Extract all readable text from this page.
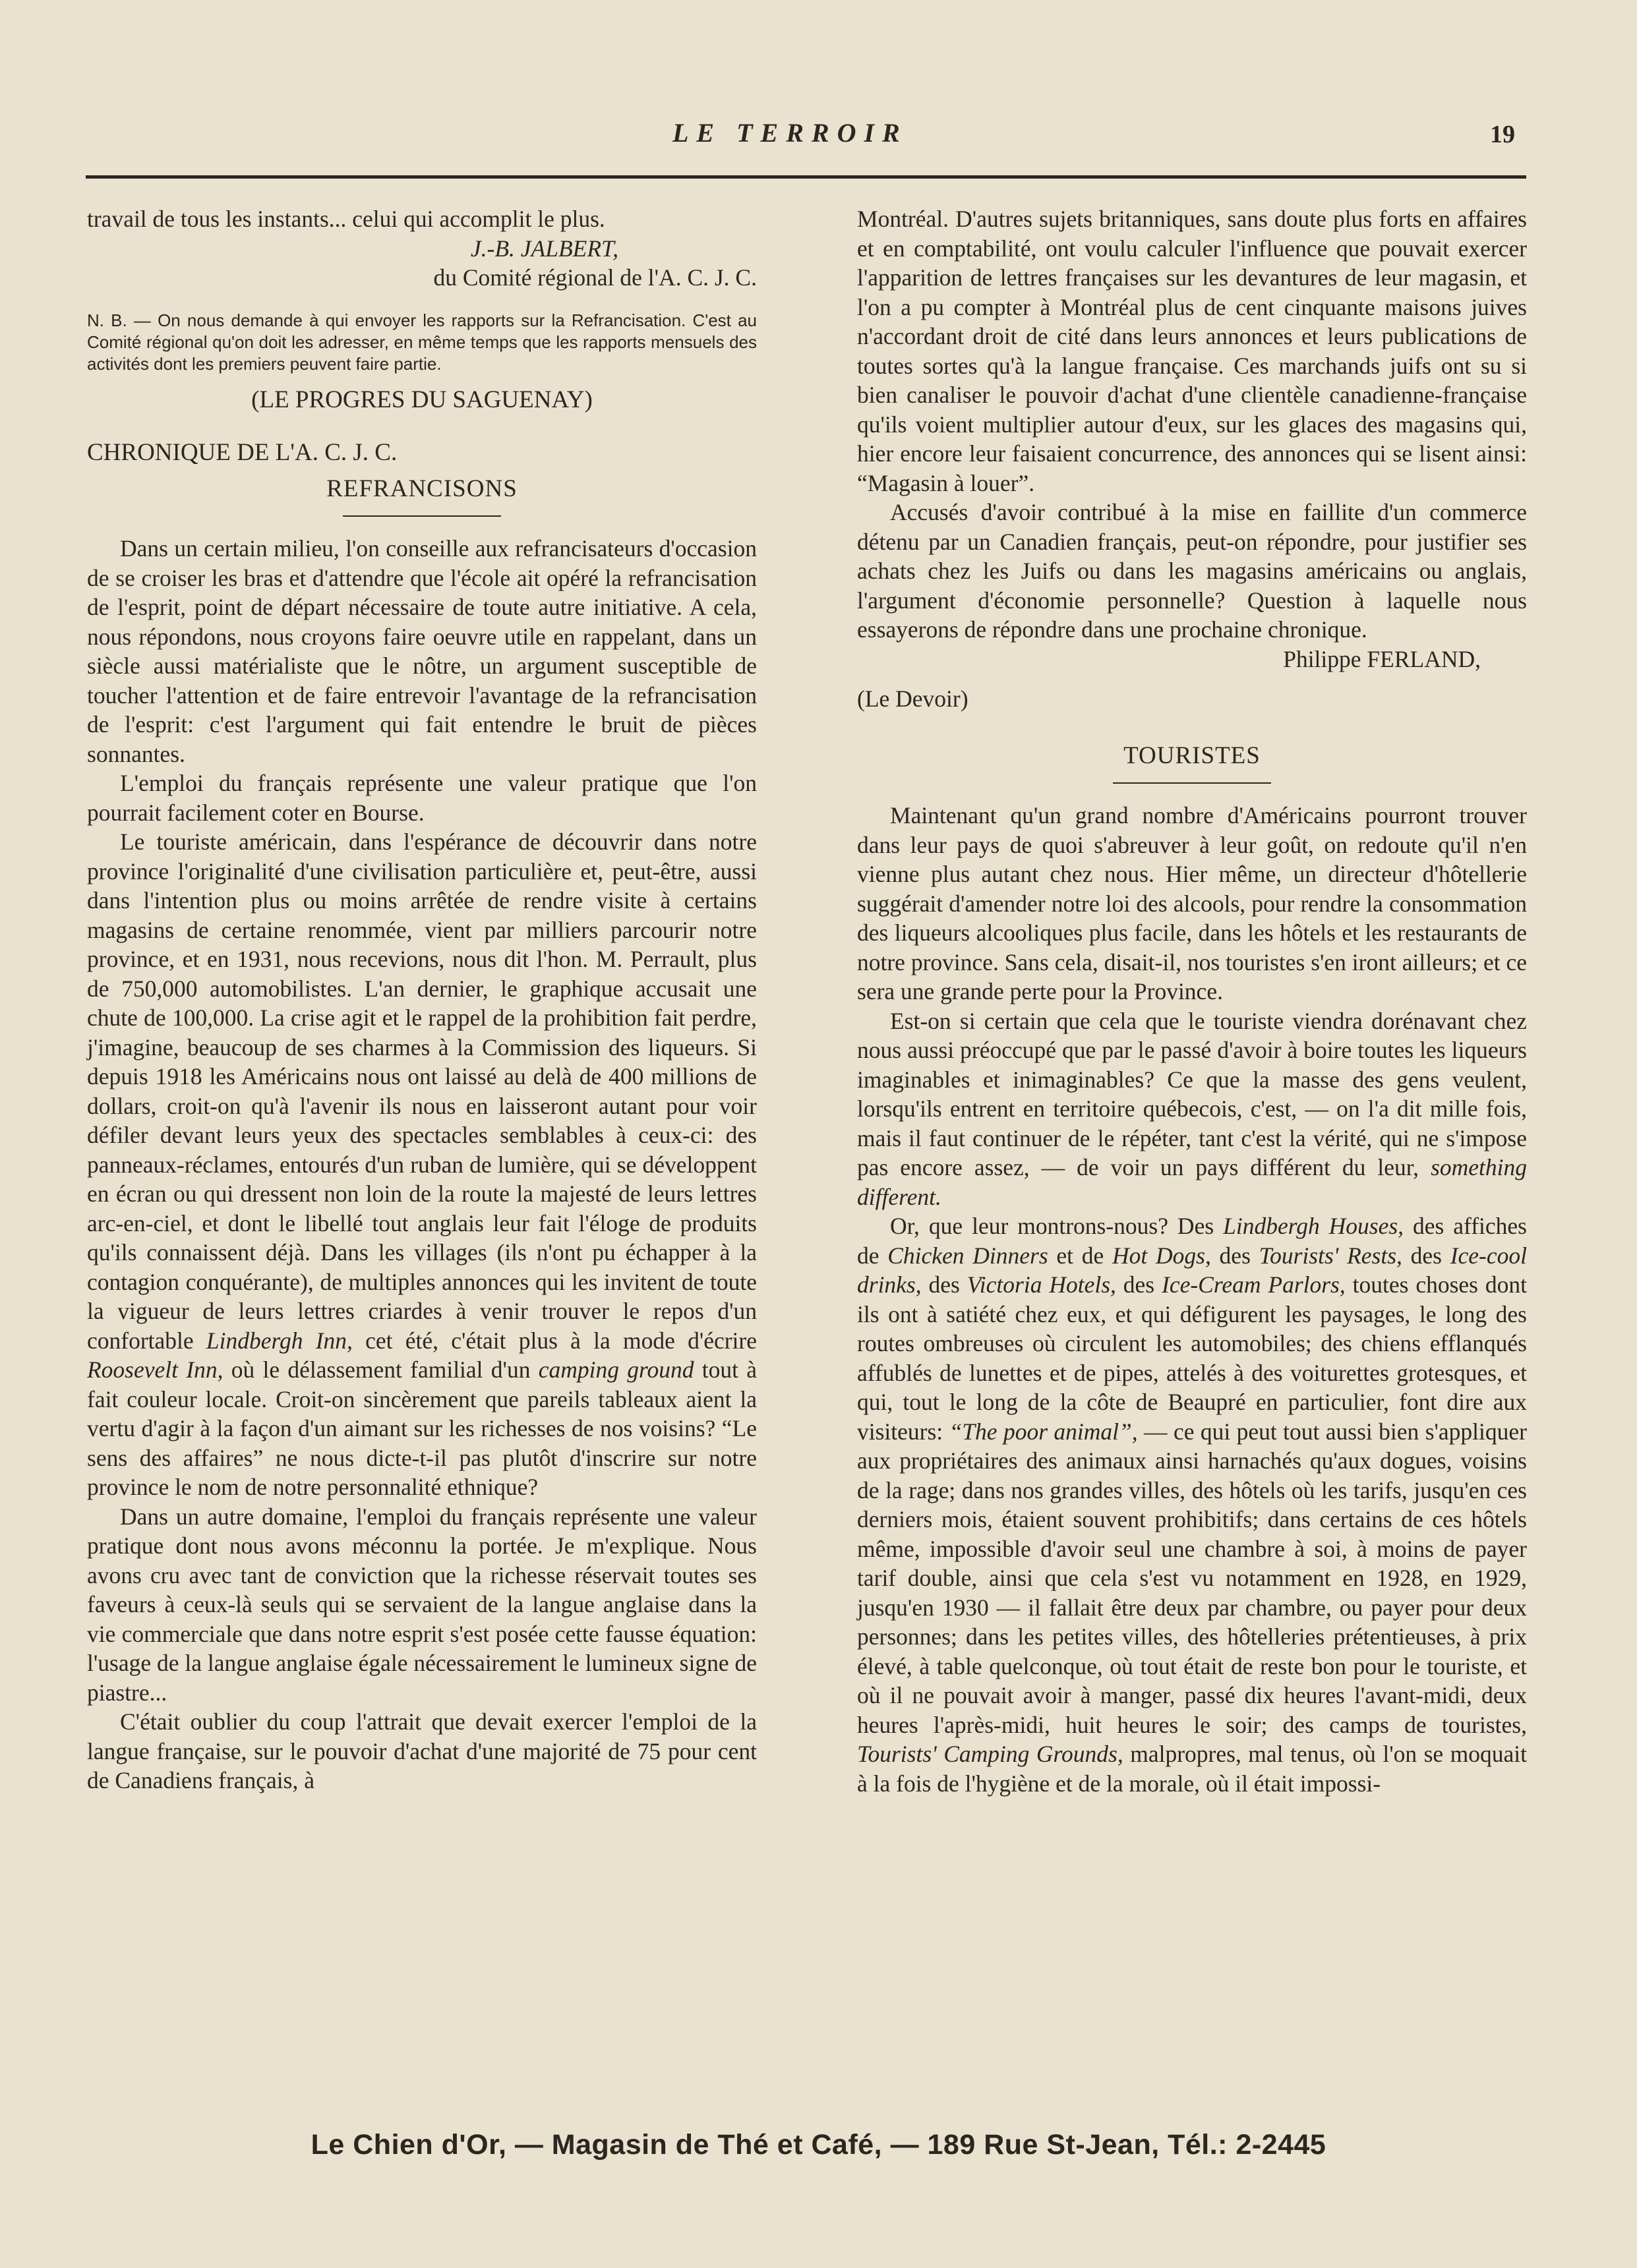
LE TERROIR	19

travail de tous les instants... celui qui accomplit le plus.

J.-B. JALBERT,

du Comité régional de l'A. C. J. C.

N. B. — On nous demande à qui envoyer les rapports sur la Refrancisation. C'est au Comité régional qu'on doit les adresser, en même temps que les rapports mensuels des activités dont les premiers peuvent faire partie.

(LE PROGRES DU SAGUENAY)

CHRONIQUE DE L'A. C. J. C.

REFRANCISONS

Dans un certain milieu, l'on conseille aux refrancisateurs d'occasion de se croiser les bras et d'attendre que l'école ait opéré la refrancisation de l'esprit, point de départ nécessaire de toute autre initiative. A cela, nous répondons, nous croyons faire oeuvre utile en rappelant, dans un siècle aussi matérialiste que le nôtre, un argument susceptible de toucher l'attention et de faire entrevoir l'avantage de la refrancisation de l'esprit: c'est l'argument qui fait entendre le bruit de pièces sonnantes.

L'emploi du français représente une valeur pratique que l'on pourrait facilement coter en Bourse.

Le touriste américain, dans l'espérance de découvrir dans notre province l'originalité d'une civilisation particulière et, peut-être, aussi dans l'intention plus ou moins arrêtée de rendre visite à certains magasins de certaine renommée, vient par milliers parcourir notre province, et en 1931, nous recevions, nous dit l'hon. M. Perrault, plus de 750,000 automobilistes. L'an dernier, le graphique accusait une chute de 100,000. La crise agit et le rappel de la prohibition fait perdre, j'imagine, beaucoup de ses charmes à la Commission des liqueurs. Si depuis 1918 les Américains nous ont laissé au delà de 400 millions de dollars, croit-on qu'à l'avenir ils nous en laisseront autant pour voir défiler devant leurs yeux des spectacles semblables à ceux-ci: des panneaux-réclames, entourés d'un ruban de lumière, qui se développent en écran ou qui dressent non loin de la route la majesté de leurs lettres arc-en-ciel, et dont le libellé tout anglais leur fait l'éloge de produits qu'ils connaissent déjà. Dans les villages (ils n'ont pu échapper à la contagion conquérante), de multiples annonces qui les invitent de toute la vigueur de leurs lettres criardes à venir trouver le repos d'un confortable Lindbergh Inn, cet été, c'était plus à la mode d'écrire Roosevelt Inn, où le délassement familial d'un camping ground tout à fait couleur locale. Croit-on sincèrement que pareils tableaux aient la vertu d'agir à la façon d'un aimant sur les richesses de nos voisins? “Le sens des affaires” ne nous dicte-t-il pas plutôt d'inscrire sur notre province le nom de notre personnalité ethnique?

Dans un autre domaine, l'emploi du français représente une valeur pratique dont nous avons méconnu la portée. Je m'explique. Nous avons cru avec tant de conviction que la richesse réservait toutes ses faveurs à ceux-là seuls qui se servaient de la langue anglaise dans la vie commerciale que dans notre esprit s'est posée cette fausse équation: l'usage de la langue anglaise égale nécessairement le lumineux signe de piastre...

C'était oublier du coup l'attrait que devait exercer l'emploi de la langue française, sur le pouvoir d'achat d'une majorité de 75 pour cent de Canadiens français, à

Montréal. D'autres sujets britanniques, sans doute plus forts en affaires et en comptabilité, ont voulu calculer l'influence que pouvait exercer l'apparition de lettres françaises sur les devantures de leur magasin, et l'on a pu compter à Montréal plus de cent cinquante maisons juives n'accordant droit de cité dans leurs annonces et leurs publications de toutes sortes qu'à la langue française. Ces marchands juifs ont su si bien canaliser le pouvoir d'achat d'une clientèle canadienne-française qu'ils voient multiplier autour d'eux, sur les glaces des magasins qui, hier encore leur faisaient concurrence, des annonces qui se lisent ainsi: “Magasin à louer”.

Accusés d'avoir contribué à la mise en faillite d'un commerce détenu par un Canadien français, peut-on répondre, pour justifier ses achats chez les Juifs ou dans les magasins américains ou anglais, l'argument d'économie personnelle? Question à laquelle nous essayerons de répondre dans une prochaine chronique.

Philippe FERLAND,

(Le Devoir)

TOURISTES

Maintenant qu'un grand nombre d'Américains pourront trouver dans leur pays de quoi s'abreuver à leur goût, on redoute qu'il n'en vienne plus autant chez nous. Hier même, un directeur d'hôtellerie suggérait d'amender notre loi des alcools, pour rendre la consommation des liqueurs alcooliques plus facile, dans les hôtels et les restaurants de notre province. Sans cela, disait-il, nos touristes s'en iront ailleurs; et ce sera une grande perte pour la Province.

Est-on si certain que cela que le touriste viendra dorénavant chez nous aussi préoccupé que par le passé d'avoir à boire toutes les liqueurs imaginables et inimaginables? Ce que la masse des gens veulent, lorsqu'ils entrent en territoire québecois, c'est, — on l'a dit mille fois, mais il faut continuer de le répéter, tant c'est la vérité, qui ne s'impose pas encore assez, — de voir un pays différent du leur, something different.

Or, que leur montrons-nous? Des Lindbergh Houses, des affiches de Chicken Dinners et de Hot Dogs, des Tourists' Rests, des Ice-cool drinks, des Victoria Hotels, des Ice-Cream Parlors, toutes choses dont ils ont à satiété chez eux, et qui défigurent les paysages, le long des routes ombreuses où circulent les automobiles; des chiens efflanqués affublés de lunettes et de pipes, attelés à des voiturettes grotesques, et qui, tout le long de la côte de Beaupré en particulier, font dire aux visiteurs: “The poor animal”, — ce qui peut tout aussi bien s'appliquer aux propriétaires des animaux ainsi harnachés qu'aux dogues, voisins de la rage; dans nos grandes villes, des hôtels où les tarifs, jusqu'en ces derniers mois, étaient souvent prohibitifs; dans certains de ces hôtels même, impossible d'avoir seul une chambre à soi, à moins de payer tarif double, ainsi que cela s'est vu notamment en 1928, en 1929, jusqu'en 1930 — il fallait être deux par chambre, ou payer pour deux personnes; dans les petites villes, des hôtelleries prétentieuses, à prix élevé, à table quelconque, où tout était de reste bon pour le touriste, et où il ne pouvait avoir à manger, passé dix heures l'avant-midi, deux heures l'après-midi, huit heures le soir; des camps de touristes, Tourists' Camping Grounds, malpropres, mal tenus, où l'on se moquait à la fois de l'hygiène et de la morale, où il était impossi-

Le Chien d'Or, — Magasin de Thé et Café, — 189 Rue St-Jean, Tél.: 2-2445
